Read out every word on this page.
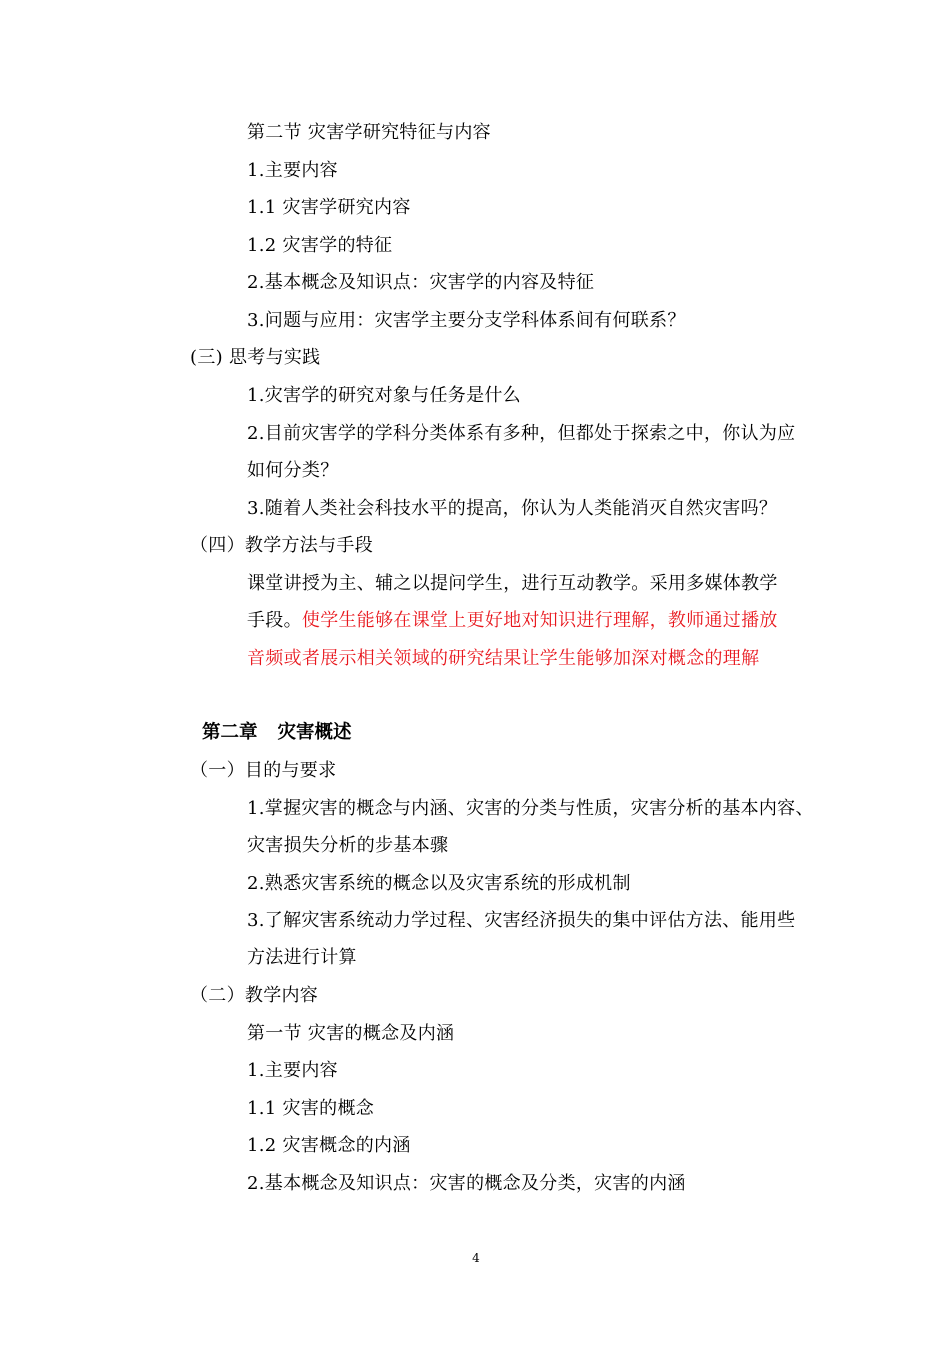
第二节 灾害学研究特征与内容
1.主要内容
1.1 灾害学研究内容
1.2 灾害学的特征
2.基本概念及知识点：灾害学的内容及特征
3.问题与应用：灾害学主要分支学科体系间有何联系？
(三) 思考与实践
1.灾害学的研究对象与任务是什么
2.目前灾害学的学科分类体系有多种，但都处于探索之中，你认为应
如何分类？
3.随着人类社会科技水平的提高，你认为人类能消灭自然灾害吗？
（四）教学方法与手段
课堂讲授为主、辅之以提问学生，进行互动教学。采用多媒体教学
手段。使学生能够在课堂上更好地对知识进行理解，教师通过播放
音频或者展示相关领域的研究结果让学生能够加深对概念的理解
第二章 灾害概述
（一）目的与要求
1.掌握灾害的概念与内涵、灾害的分类与性质，灾害分析的基本内容、
灾害损失分析的步基本骤
2.熟悉灾害系统的概念以及灾害系统的形成机制
3.了解灾害系统动力学过程、灾害经济损失的集中评估方法、能用些
方法进行计算
（二）教学内容
第一节 灾害的概念及内涵
1.主要内容
1.1 灾害的概念
1.2 灾害概念的内涵
2.基本概念及知识点：灾害的概念及分类，灾害的内涵
4
